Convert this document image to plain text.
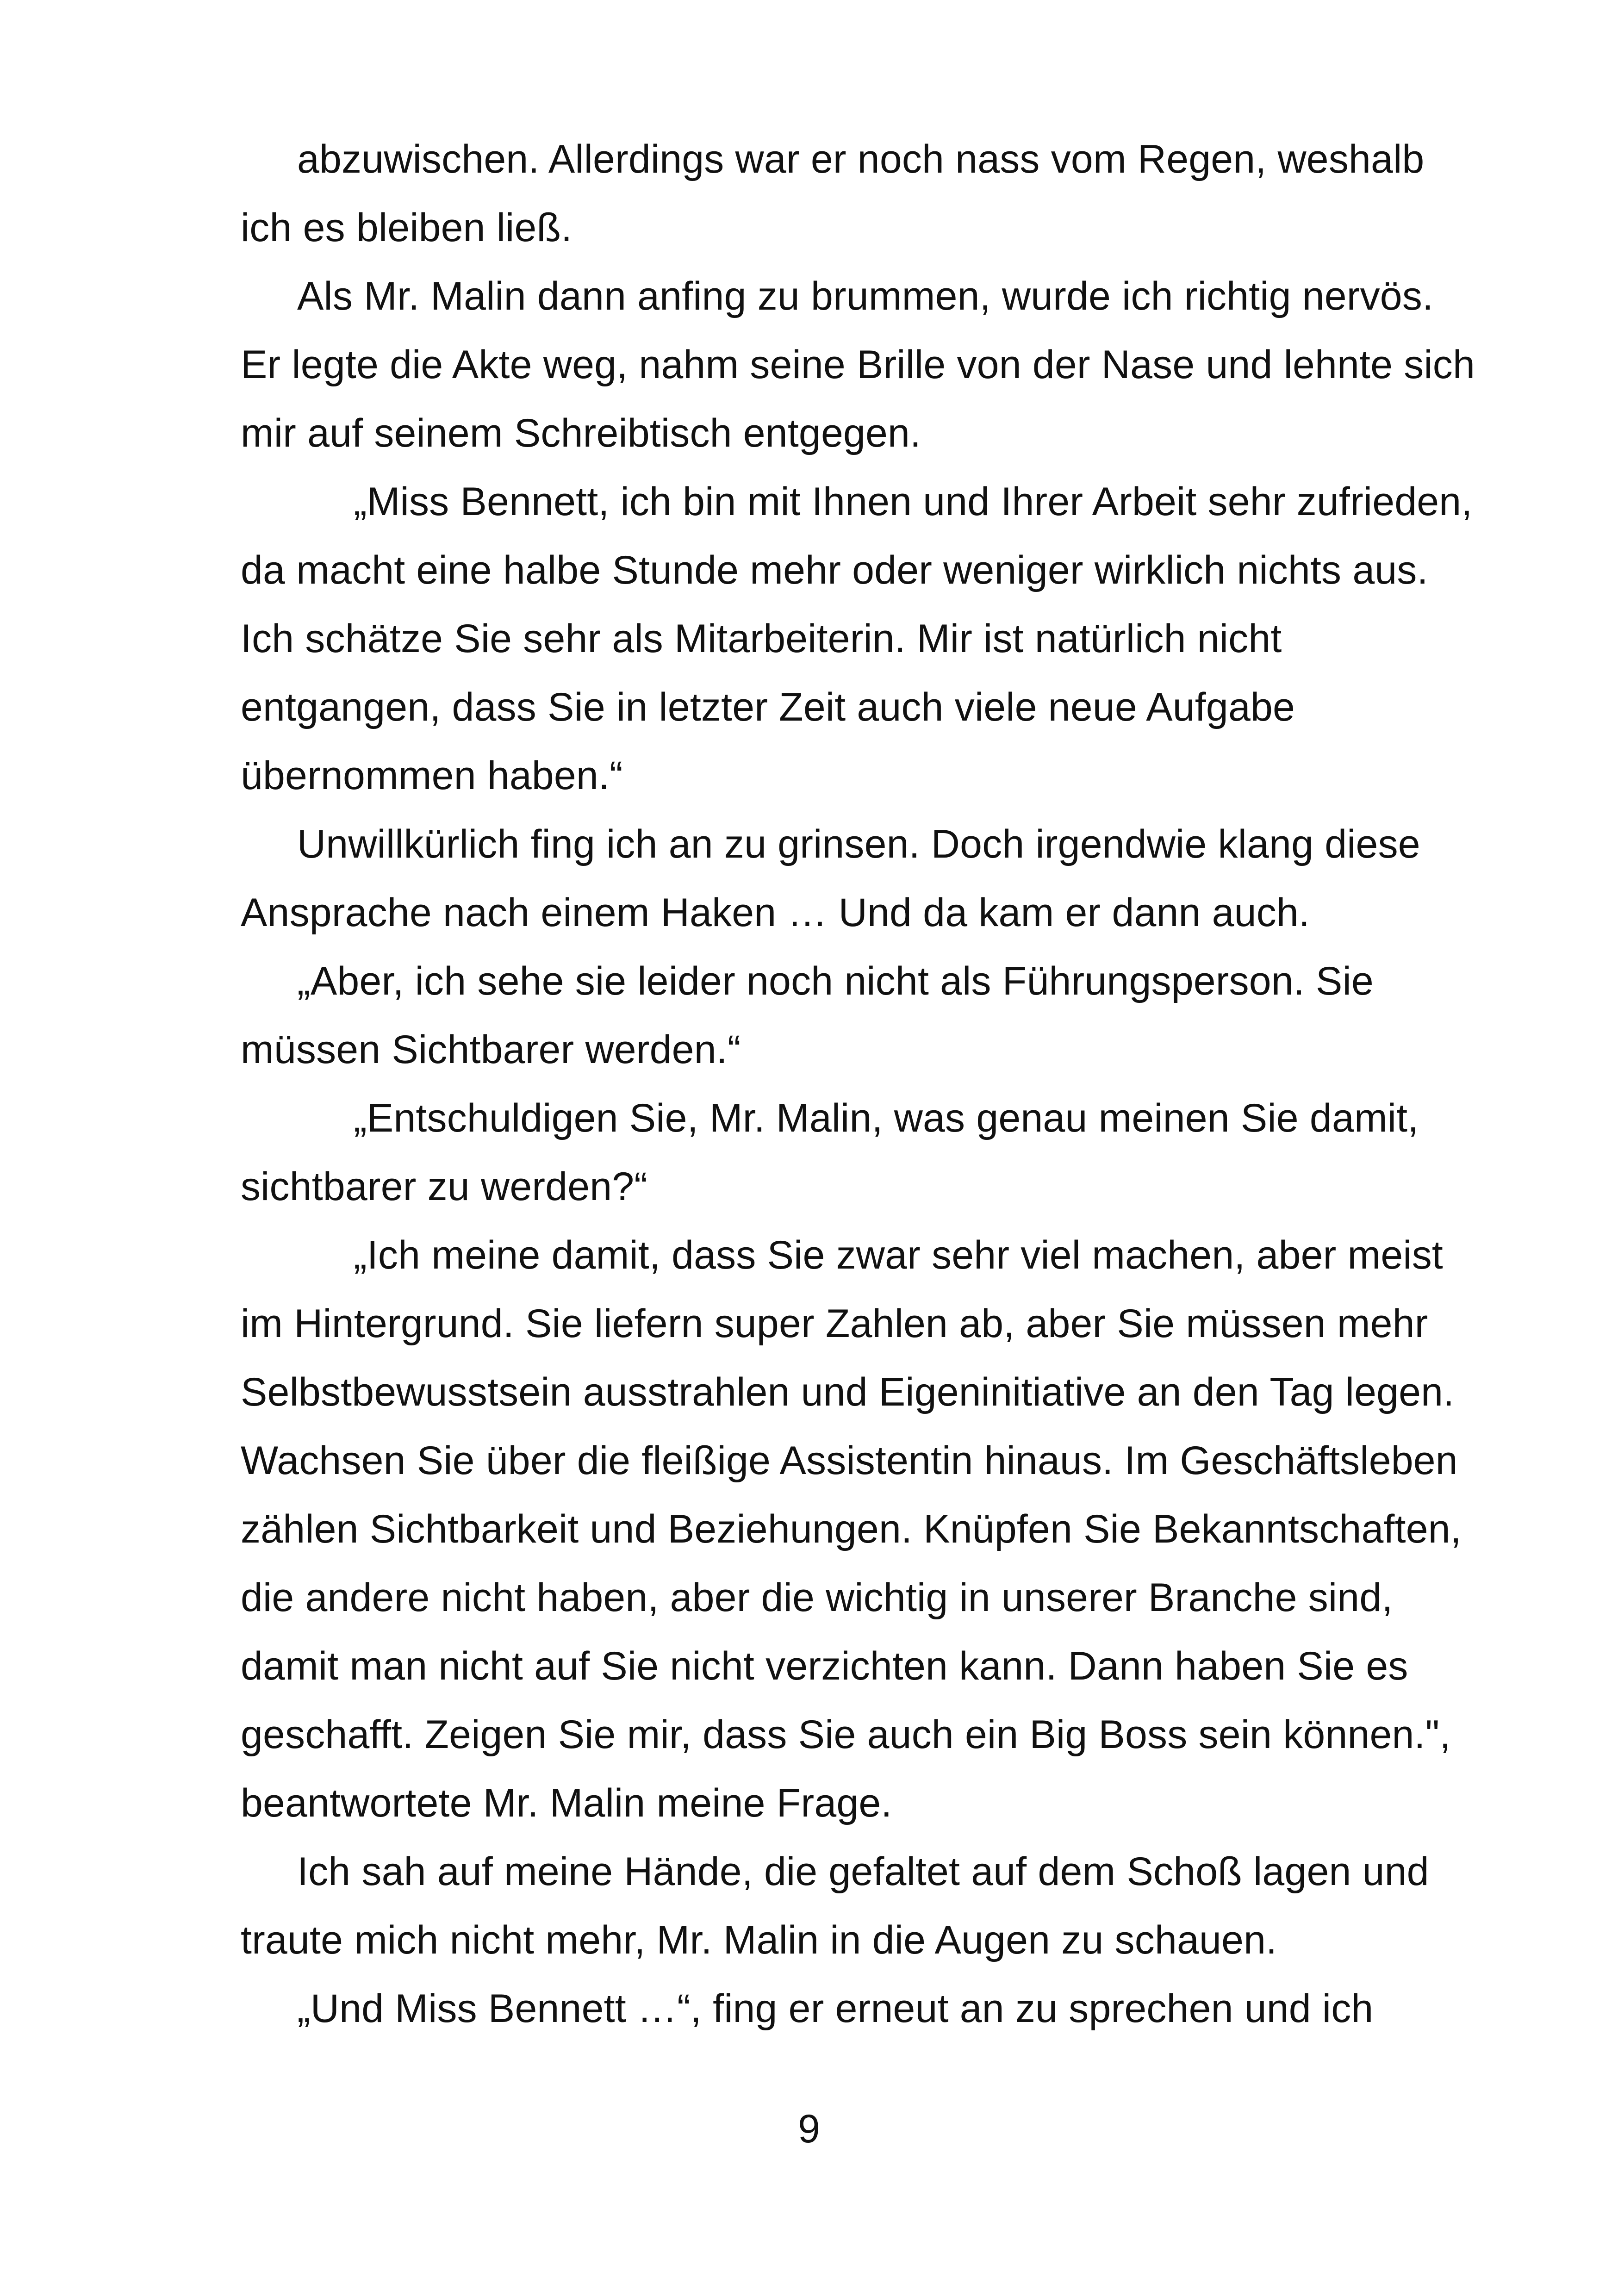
abzuwischen. Allerdings war er noch nass vom Regen, weshalb
ich es bleiben ließ.
Als Mr. Malin dann anfing zu brummen, wurde ich richtig nervös.
Er legte die Akte weg, nahm seine Brille von der Nase und lehnte sich
mir auf seinem Schreibtisch entgegen.
„Miss Bennett, ich bin mit Ihnen und Ihrer Arbeit sehr zufrieden,
da macht eine halbe Stunde mehr oder weniger wirklich nichts aus.
Ich schätze Sie sehr als Mitarbeiterin. Mir ist natürlich nicht
entgangen, dass Sie in letzter Zeit auch viele neue Aufgabe
übernommen haben.“
Unwillkürlich fing ich an zu grinsen. Doch irgendwie klang diese
Ansprache nach einem Haken … Und da kam er dann auch.
„Aber, ich sehe sie leider noch nicht als Führungsperson. Sie
müssen Sichtbarer werden.“
„Entschuldigen Sie, Mr. Malin, was genau meinen Sie damit,
sichtbarer zu werden?“
„Ich meine damit, dass Sie zwar sehr viel machen, aber meist
im Hintergrund. Sie liefern super Zahlen ab, aber Sie müssen mehr
Selbstbewusstsein ausstrahlen und Eigeninitiative an den Tag legen.
Wachsen Sie über die fleißige Assistentin hinaus. Im Geschäftsleben
zählen Sichtbarkeit und Beziehungen. Knüpfen Sie Bekanntschaften,
die andere nicht haben, aber die wichtig in unserer Branche sind,
damit man nicht auf Sie nicht verzichten kann. Dann haben Sie es
geschafft. Zeigen Sie mir, dass Sie auch ein Big Boss sein können.",
beantwortete Mr. Malin meine Frage.
Ich sah auf meine Hände, die gefaltet auf dem Schoß lagen und
traute mich nicht mehr, Mr. Malin in die Augen zu schauen.
„Und Miss Bennett …“, fing er erneut an zu sprechen und ich
9
